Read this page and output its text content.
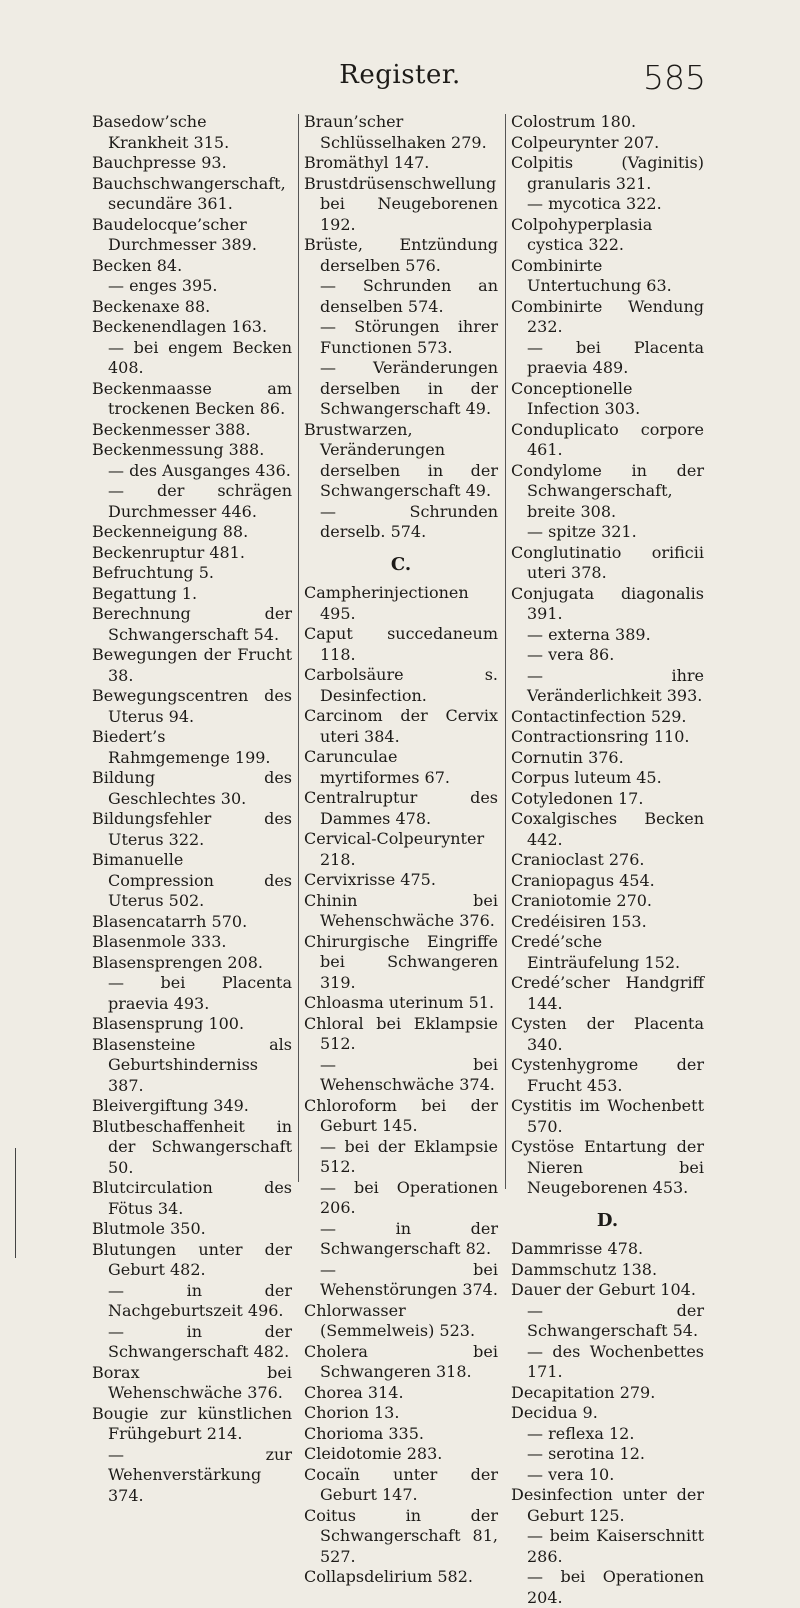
Register.	585

Basedow’sche Krankheit 315.

Bauchpresse 93.

Bauchschwangerschaft, secundäre 361.

Baudelocque’scher Durchmesser 389.

Becken 84.

— enges 395.

Beckenaxe 88.

Beckenendlagen 163.

— bei engem Becken 408.

Beckenmaasse am trockenen Becken 86.

Beckenmesser 388.

Beckenmessung 388.

— des Ausganges 436.

— der schrägen Durchmesser 446.

Beckenneigung 88.

Beckenruptur 481.

Befruchtung 5.

Begattung 1.

Berechnung der Schwangerschaft 54.

Bewegungen der Frucht 38.

Bewegungscentren des Uterus 94.

Biedert’s Rahmgemenge 199.

Bildung des Geschlechtes 30.

Bildungsfehler des Uterus 322.

Bimanuelle Compression des Uterus 502.

Blasencatarrh 570.

Blasenmole 333.

Blasensprengen 208.

— bei Placenta praevia 493.

Blasensprung 100.

Blasensteine als Geburtshinderniss 387.

Bleivergiftung 349.

Blutbeschaffenheit in der Schwangerschaft 50.

Blutcirculation des Fötus 34.

Blutmole 350.

Blutungen unter der Geburt 482.

— in der Nachgeburtszeit 496.

— in der Schwangerschaft 482.

Borax bei Wehenschwäche 376.

Bougie zur künstlichen Frühgeburt 214.

— zur Wehenverstärkung 374.

Braun’scher Schlüsselhaken 279.

Bromäthyl 147.

Brustdrüsenschwellung bei Neugeborenen 192.

Brüste, Entzündung derselben 576.

— Schrunden an denselben 574.

— Störungen ihrer Functionen 573.

— Veränderungen derselben in der Schwangerschaft 49.

Brustwarzen, Veränderungen derselben in der Schwangerschaft 49.

— Schrunden derselb. 574.

C.

Campherinjectionen 495.

Caput succedaneum 118.

Carbolsäure s. Desinfection.

Carcinom der Cervix uteri 384.

Carunculae myrtiformes 67.

Centralruptur des Dammes 478.

Cervical-Colpeurynter 218.

Cervixrisse 475.

Chinin bei Wehenschwäche 376.

Chirurgische Eingriffe bei Schwangeren 319.

Chloasma uterinum 51.

Chloral bei Eklampsie 512.

— bei Wehenschwäche 374.

Chloroform bei der Geburt 145.

— bei der Eklampsie 512.

— bei Operationen 206.

— in der Schwangerschaft 82.

— bei Wehenstörungen 374.

Chlorwasser (Semmelweis) 523.

Cholera bei Schwangeren 318.

Chorea 314.

Chorion 13.

Chorioma 335.

Cleidotomie 283.

Cocaïn unter der Geburt 147.

Coitus in der Schwangerschaft 81, 527.

Collapsdelirium 582.

Colostrum 180.

Colpeurynter 207.

Colpitis (Vaginitis) granularis 321.

— mycotica 322.

Colpohyperplasia cystica 322.

Combinirte Untertuchung 63.

Combinirte Wendung 232.

— bei Placenta praevia 489.

Conceptionelle Infection 303.

Conduplicato corpore 461.

Condylome in der Schwangerschaft, breite 308.

— spitze 321.

Conglutinatio orificii uteri 378.

Conjugata diagonalis 391.

— externa 389.

— vera 86.

— ihre Veränderlichkeit 393.

Contactinfection 529.

Contractionsring 110.

Cornutin 376.

Corpus luteum 45.

Cotyledonen 17.

Coxalgisches Becken 442.

Cranioclast 276.

Craniopagus 454.

Craniotomie 270.

Credéisiren 153.

Credé’sche Einträufelung 152.

Credé’scher Handgriff 144.

Cysten der Placenta 340.

Cystenhygrome der Frucht 453.

Cystitis im Wochenbett 570.

Cystöse Entartung der Nieren bei Neugeborenen 453.

D.

Dammrisse 478.

Dammschutz 138.

Dauer der Geburt 104.

— der Schwangerschaft 54.

— des Wochenbettes 171.

Decapitation 279.

Decidua 9.

— reflexa 12.

— serotina 12.

— vera 10.

Desinfection unter der Geburt 125.

— beim Kaiserschnitt 286.

— bei Operationen 204.
